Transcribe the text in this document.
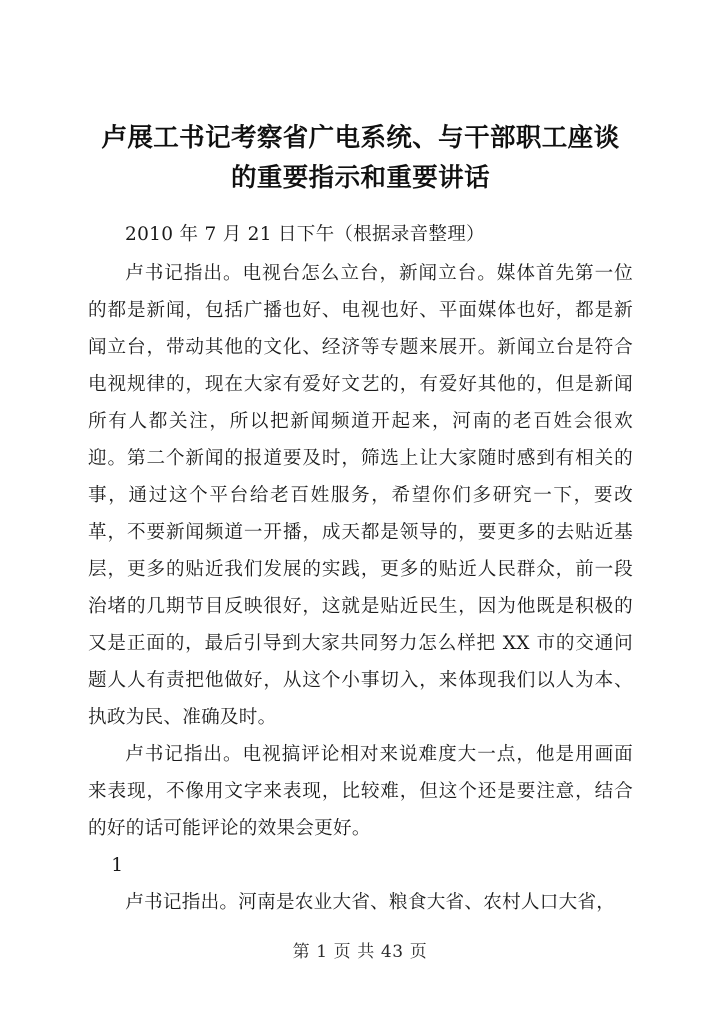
卢展工书记考察省广电系统、与干部职工座谈
的重要指示和重要讲话

2010 年 7 月 21 日下午（根据录音整理）

卢书记指出。电视台怎么立台，新闻立台。媒体首先第一位的都是新闻，包括广播也好、电视也好、平面媒体也好，都是新闻立台，带动其他的文化、经济等专题来展开。新闻立台是符合电视规律的，现在大家有爱好文艺的，有爱好其他的，但是新闻所有人都关注，所以把新闻频道开起来，河南的老百姓会很欢迎。第二个新闻的报道要及时，筛选上让大家随时感到有相关的事，通过这个平台给老百姓服务，希望你们多研究一下，要改革，不要新闻频道一开播，成天都是领导的，要更多的去贴近基层，更多的贴近我们发展的实践，更多的贴近人民群众，前一段治堵的几期节目反映很好，这就是贴近民生，因为他既是积极的又是正面的，最后引导到大家共同努力怎么样把 XX 市的交通问题人人有责把他做好，从这个小事切入，来体现我们以人为本、执政为民、准确及时。

卢书记指出。电视搞评论相对来说难度大一点，他是用画面来表现，不像用文字来表现，比较难，但这个还是要注意，结合的好的话可能评论的效果会更好。

1

卢书记指出。河南是农业大省、粮食大省、农村人口大省，

第 1 页 共 43 页
